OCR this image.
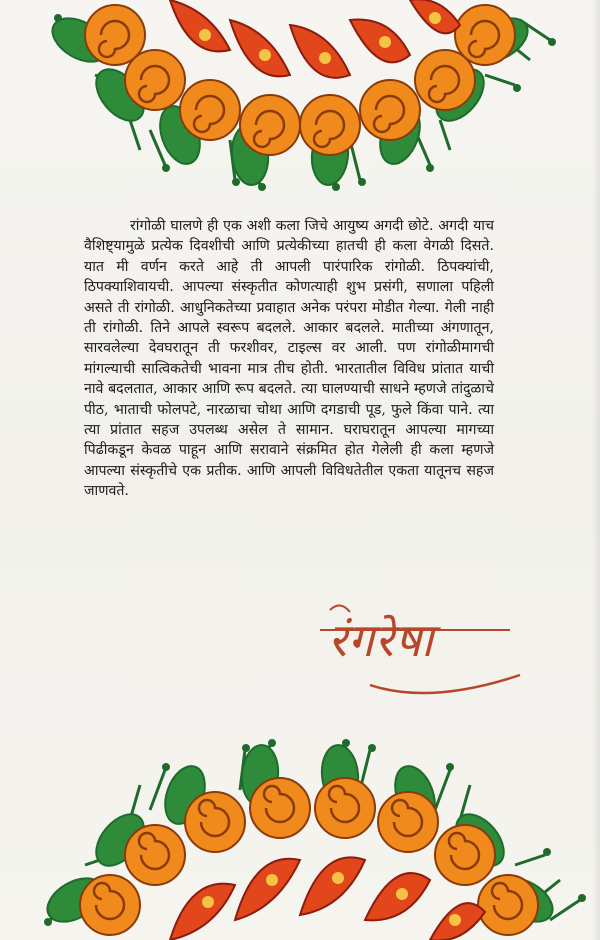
रांगोळी घालणे ही एक अशी कला जिचे आयुष्य अगदी छोटे. अगदी याच वैशिष्ट्यामुळे प्रत्येक दिवशीची आणि प्रत्येकीच्या हातची ही कला वेगळी दिसते. यात मी वर्णन करते आहे ती आपली पारंपारिक रांगोळी. ठिपक्यांची, ठिपक्याशिवायची. आपल्या संस्कृतीत कोणत्याही शुभ प्रसंगी, सणाला पहिली असते ती रांगोळी. आधुनिकतेच्या प्रवाहात अनेक परंपरा मोडीत गेल्या. गेली नाही ती रांगोळी. तिने आपले स्वरूप बदलले. आकार बदलले. मातीच्या अंगणातून, सारवलेल्या देवघरातून ती फरशीवर, टाइल्स वर आली. पण रांगोळीमागची मांगल्याची सात्विकतेची भावना मात्र तीच होती. भारतातील विविध प्रांतात याची नावे बदलतात, आकार आणि रूप बदलते. त्या घालण्याची साधने म्हणजे तांदुळाचे पीठ, भाताची फोलपटे, नारळाचा चोथा आणि दगडाची पूड, फुले किंवा पाने. त्या त्या प्रांतात सहज उपलब्ध असेल ते सामान. घराघरातून आपल्या मागच्या पिढीकडून केवळ पाहून आणि सरावाने संक्रमित होत गेलेली ही कला म्हणजे आपल्या संस्कृतीचे एक प्रतीक. आणि आपली विविधतेतील एकता यातूनच सहज जाणवते.

रंगरेषा
